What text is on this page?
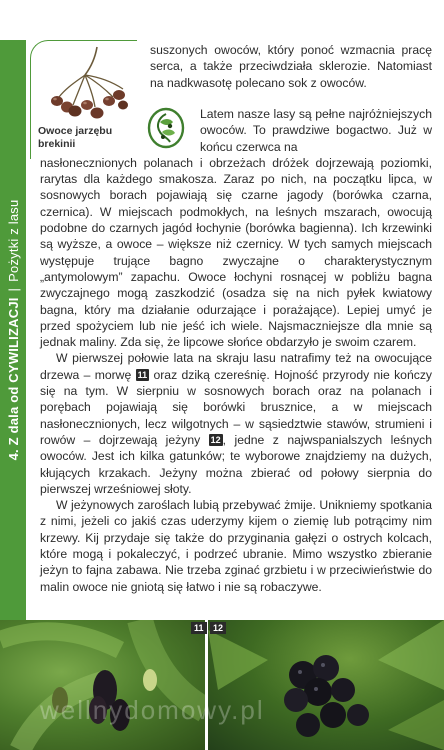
4. Z dala od CYWILIZACJI
|
Pożytki z lasu
Owoce jarzębu brekinii

suszonych owoców, który ponoć wzmacnia pracę serca, a także przeciwdziała sklerozie. Natomiast na nadkwasotę polecano sok z owoców.

Latem nasze lasy są pełne najróżniejszych owoców. To prawdziwe bogactwo. Już w końcu czerwca na
nasłonecznionych polanach i obrzeżach dróżek dojrzewają poziomki, rarytas dla każdego smakosza. Zaraz po nich, na początku lipca, w sosnowych borach pojawiają się czarne jagody (borówka czarna, czernica). W miejscach podmokłych, na leśnych mszarach, owocują podobne do czarnych jagód łochynie (borówka bagienna). Ich krzewinki są wyższe, a owoce – większe niż czernicy. W tych samych miejscach występuje trujące bagno zwyczajne o charakterystycznym „antymolowym” zapachu. Owoce łochyni rosnącej w pobliżu bagna zwyczajnego mogą zaszkodzić (osadza się na nich pyłek kwiatowy bagna, który ma działanie odurzające i porażające). Lepiej umyć je przed spożyciem lub nie jeść ich wiele. Najsmaczniejsze dla mnie są jednak maliny. Zda się, że lipcowe słońce obdarzyło je swoim czarem.

W pierwszej połowie lata na skraju lasu natrafimy też na owocujące drzewa – morwę 11 oraz dziką czereśnię. Hojność przyrody nie kończy się na tym. W sierpniu w sosnowych borach oraz na polanach i porębach pojawiają się borówki brusznice, a w miejscach nasłonecznionych, lecz wilgotnych – w sąsiedztwie stawów, strumieni i rowów – dojrzewają jeżyny 12 , jedne z najwspanialszych leśnych owoców. Jest ich kilka gatunków; te wyborowe znajdziemy na dużych, kłujących krzakach. Jeżyny można zbierać od połowy sierpnia do pierwszej wrześniowej słoty.

W jeżynowych zaroślach lubią przebywać żmije. Unikniemy spotkania z nimi, jeżeli co jakiś czas uderzymy kijem o ziemię lub potrącimy nim krzewy. Kij przydaje się także do przyginania gałęzi o ostrych kolcach, które mogą i pokaleczyć, i podrzeć ubranie. Mimo wszystko zbieranie jeżyn to fajna zabawa. Nie trzeba zginać grzbietu i w przeciwieństwie do malin owoce nie gniotą się łatwo i nie są robaczywe.

11	12
wellnydomowy.pl
